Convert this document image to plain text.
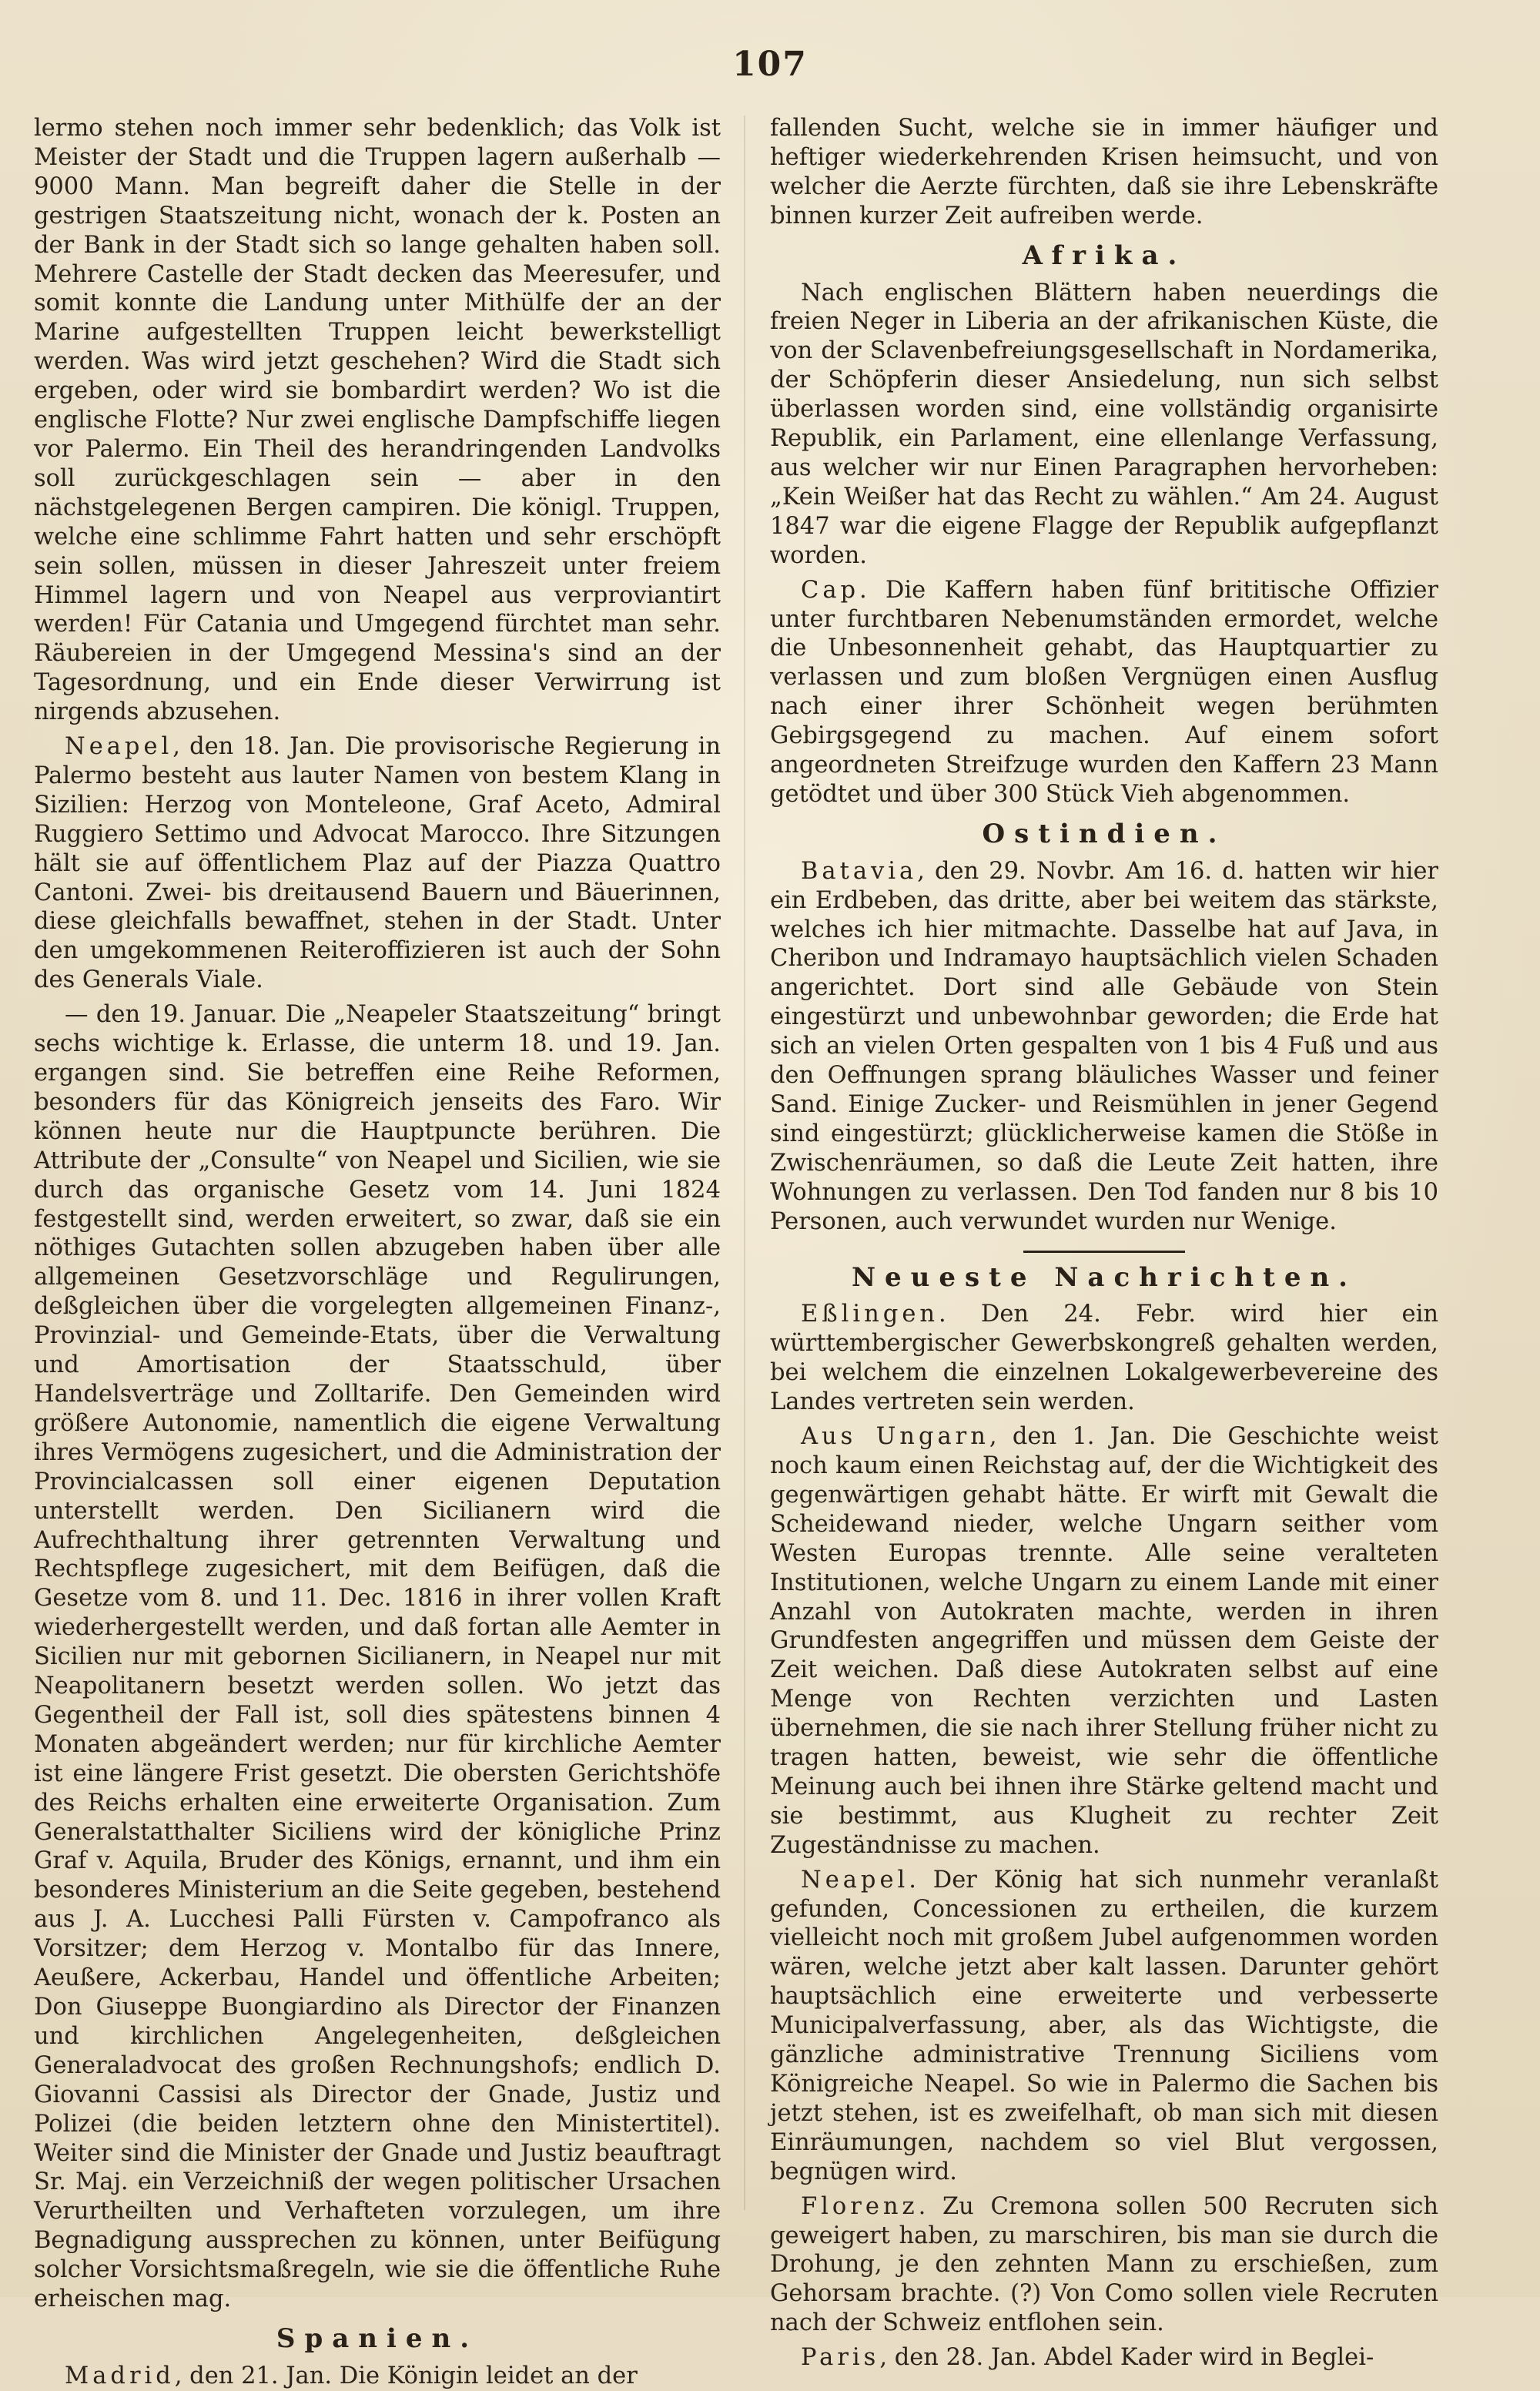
107

lermo stehen noch immer sehr bedenklich; das Volk ist Meister der Stadt und die Truppen lagern außerhalb — 9000 Mann. Man begreift daher die Stelle in der gestrigen Staatszeitung nicht, wonach der k. Posten an der Bank in der Stadt sich so lange gehalten haben soll. Mehrere Castelle der Stadt decken das Meeresufer, und somit konnte die Landung unter Mithülfe der an der Marine aufgestellten Truppen leicht bewerkstelligt werden. Was wird jetzt geschehen? Wird die Stadt sich ergeben, oder wird sie bombardirt werden? Wo ist die englische Flotte? Nur zwei englische Dampfschiffe liegen vor Palermo. Ein Theil des herandringenden Landvolks soll zurückgeschlagen sein — aber in den nächstgelegenen Bergen campiren. Die königl. Truppen, welche eine schlimme Fahrt hatten und sehr erschöpft sein sollen, müssen in dieser Jahreszeit unter freiem Himmel lagern und von Neapel aus verproviantirt werden! Für Catania und Umgegend fürchtet man sehr. Räubereien in der Umgegend Messina's sind an der Tagesordnung, und ein Ende dieser Verwirrung ist nirgends abzusehen.

Neapel, den 18. Jan. Die provisorische Regierung in Palermo besteht aus lauter Namen von bestem Klang in Sizilien: Herzog von Monteleone, Graf Aceto, Admiral Ruggiero Settimo und Advocat Marocco. Ihre Sitzungen hält sie auf öffentlichem Plaz auf der Piazza Quattro Cantoni. Zwei- bis dreitausend Bauern und Bäuerinnen, diese gleichfalls bewaffnet, stehen in der Stadt. Unter den umgekommenen Reiteroffizieren ist auch der Sohn des Generals Viale.

— den 19. Januar. Die „Neapeler Staatszeitung“ bringt sechs wichtige k. Erlasse, die unterm 18. und 19. Jan. ergangen sind. Sie betreffen eine Reihe Reformen, besonders für das Königreich jenseits des Faro. Wir können heute nur die Hauptpuncte berühren. Die Attribute der „Consulte“ von Neapel und Sicilien, wie sie durch das organische Gesetz vom 14. Juni 1824 festgestellt sind, werden erweitert, so zwar, daß sie ein nöthiges Gutachten sollen abzugeben haben über alle allgemeinen Gesetzvorschläge und Regulirungen, deßgleichen über die vorgelegten allgemeinen Finanz-, Provinzial- und Gemeinde-Etats, über die Verwaltung und Amortisation der Staatsschuld, über Handelsverträge und Zolltarife. Den Gemeinden wird größere Autonomie, namentlich die eigene Verwaltung ihres Vermögens zugesichert, und die Administration der Provincialcassen soll einer eigenen Deputation unterstellt werden. Den Sicilianern wird die Aufrechthaltung ihrer getrennten Verwaltung und Rechtspflege zugesichert, mit dem Beifügen, daß die Gesetze vom 8. und 11. Dec. 1816 in ihrer vollen Kraft wiederhergestellt werden, und daß fortan alle Aemter in Sicilien nur mit gebornen Sicilianern, in Neapel nur mit Neapolitanern besetzt werden sollen. Wo jetzt das Gegentheil der Fall ist, soll dies spätestens binnen 4 Monaten abgeändert werden; nur für kirchliche Aemter ist eine längere Frist gesetzt. Die obersten Gerichtshöfe des Reichs erhalten eine erweiterte Organisation. Zum Generalstatthalter Siciliens wird der königliche Prinz Graf v. Aquila, Bruder des Königs, ernannt, und ihm ein besonderes Ministerium an die Seite gegeben, bestehend aus J. A. Lucchesi Palli Fürsten v. Campofranco als Vorsitzer; dem Herzog v. Montalbo für das Innere, Aeußere, Ackerbau, Handel und öffentliche Arbeiten; Don Giuseppe Buongiardino als Director der Finanzen und kirchlichen Angelegenheiten, deßgleichen Generaladvocat des großen Rechnungshofs; endlich D. Giovanni Cassisi als Director der Gnade, Justiz und Polizei (die beiden letztern ohne den Ministertitel). Weiter sind die Minister der Gnade und Justiz beauftragt Sr. Maj. ein Verzeichniß der wegen politischer Ursachen Verurtheilten und Verhafteten vorzulegen, um ihre Begnadigung aussprechen zu können, unter Beifügung solcher Vorsichtsmaßregeln, wie sie die öffentliche Ruhe erheischen mag.

Spanien.

Madrid, den 21. Jan. Die Königin leidet an der

fallenden Sucht, welche sie in immer häufiger und heftiger wiederkehrenden Krisen heimsucht, und von welcher die Aerzte fürchten, daß sie ihre Lebenskräfte binnen kurzer Zeit aufreiben werde.

Afrika.

Nach englischen Blättern haben neuerdings die freien Neger in Liberia an der afrikanischen Küste, die von der Sclavenbefreiungsgesellschaft in Nordamerika, der Schöpferin dieser Ansiedelung, nun sich selbst überlassen worden sind, eine vollständig organisirte Republik, ein Parlament, eine ellenlange Verfassung, aus welcher wir nur Einen Paragraphen hervorheben: „Kein Weißer hat das Recht zu wählen.“ Am 24. August 1847 war die eigene Flagge der Republik aufgepflanzt worden.

Cap. Die Kaffern haben fünf brititische Offizier unter furchtbaren Nebenumständen ermordet, welche die Unbesonnenheit gehabt, das Hauptquartier zu verlassen und zum bloßen Vergnügen einen Ausflug nach einer ihrer Schönheit wegen berühmten Gebirgsgegend zu machen. Auf einem sofort angeordneten Streifzuge wurden den Kaffern 23 Mann getödtet und über 300 Stück Vieh abgenommen.

Ostindien.

Batavia, den 29. Novbr. Am 16. d. hatten wir hier ein Erdbeben, das dritte, aber bei weitem das stärkste, welches ich hier mitmachte. Dasselbe hat auf Java, in Cheribon und Indramayo hauptsächlich vielen Schaden angerichtet. Dort sind alle Gebäude von Stein eingestürzt und unbewohnbar geworden; die Erde hat sich an vielen Orten gespalten von 1 bis 4 Fuß und aus den Oeffnungen sprang bläuliches Wasser und feiner Sand. Einige Zucker- und Reismühlen in jener Gegend sind eingestürzt; glücklicherweise kamen die Stöße in Zwischenräumen, so daß die Leute Zeit hatten, ihre Wohnungen zu verlassen. Den Tod fanden nur 8 bis 10 Personen, auch verwundet wurden nur Wenige.

Neueste Nachrichten.

Eßlingen. Den 24. Febr. wird hier ein württembergischer Gewerbskongreß gehalten werden, bei welchem die einzelnen Lokalgewerbevereine des Landes vertreten sein werden.

Aus Ungarn, den 1. Jan. Die Geschichte weist noch kaum einen Reichstag auf, der die Wichtigkeit des gegenwärtigen gehabt hätte. Er wirft mit Gewalt die Scheidewand nieder, welche Ungarn seither vom Westen Europas trennte. Alle seine veralteten Institutionen, welche Ungarn zu einem Lande mit einer Anzahl von Autokraten machte, werden in ihren Grundfesten angegriffen und müssen dem Geiste der Zeit weichen. Daß diese Autokraten selbst auf eine Menge von Rechten verzichten und Lasten übernehmen, die sie nach ihrer Stellung früher nicht zu tragen hatten, beweist, wie sehr die öffentliche Meinung auch bei ihnen ihre Stärke geltend macht und sie bestimmt, aus Klugheit zu rechter Zeit Zugeständnisse zu machen.

Neapel. Der König hat sich nunmehr veranlaßt gefunden, Concessionen zu ertheilen, die kurzem vielleicht noch mit großem Jubel aufgenommen worden wären, welche jetzt aber kalt lassen. Darunter gehört hauptsächlich eine erweiterte und verbesserte Municipalverfassung, aber, als das Wichtigste, die gänzliche administrative Trennung Siciliens vom Königreiche Neapel. So wie in Palermo die Sachen bis jetzt stehen, ist es zweifelhaft, ob man sich mit diesen Einräumungen, nachdem so viel Blut vergossen, begnügen wird.

Florenz. Zu Cremona sollen 500 Recruten sich geweigert haben, zu marschiren, bis man sie durch die Drohung, je den zehnten Mann zu erschießen, zum Gehorsam brachte. (?) Von Como sollen viele Recruten nach der Schweiz entflohen sein.

Paris, den 28. Jan. Abdel Kader wird in Beglei-
